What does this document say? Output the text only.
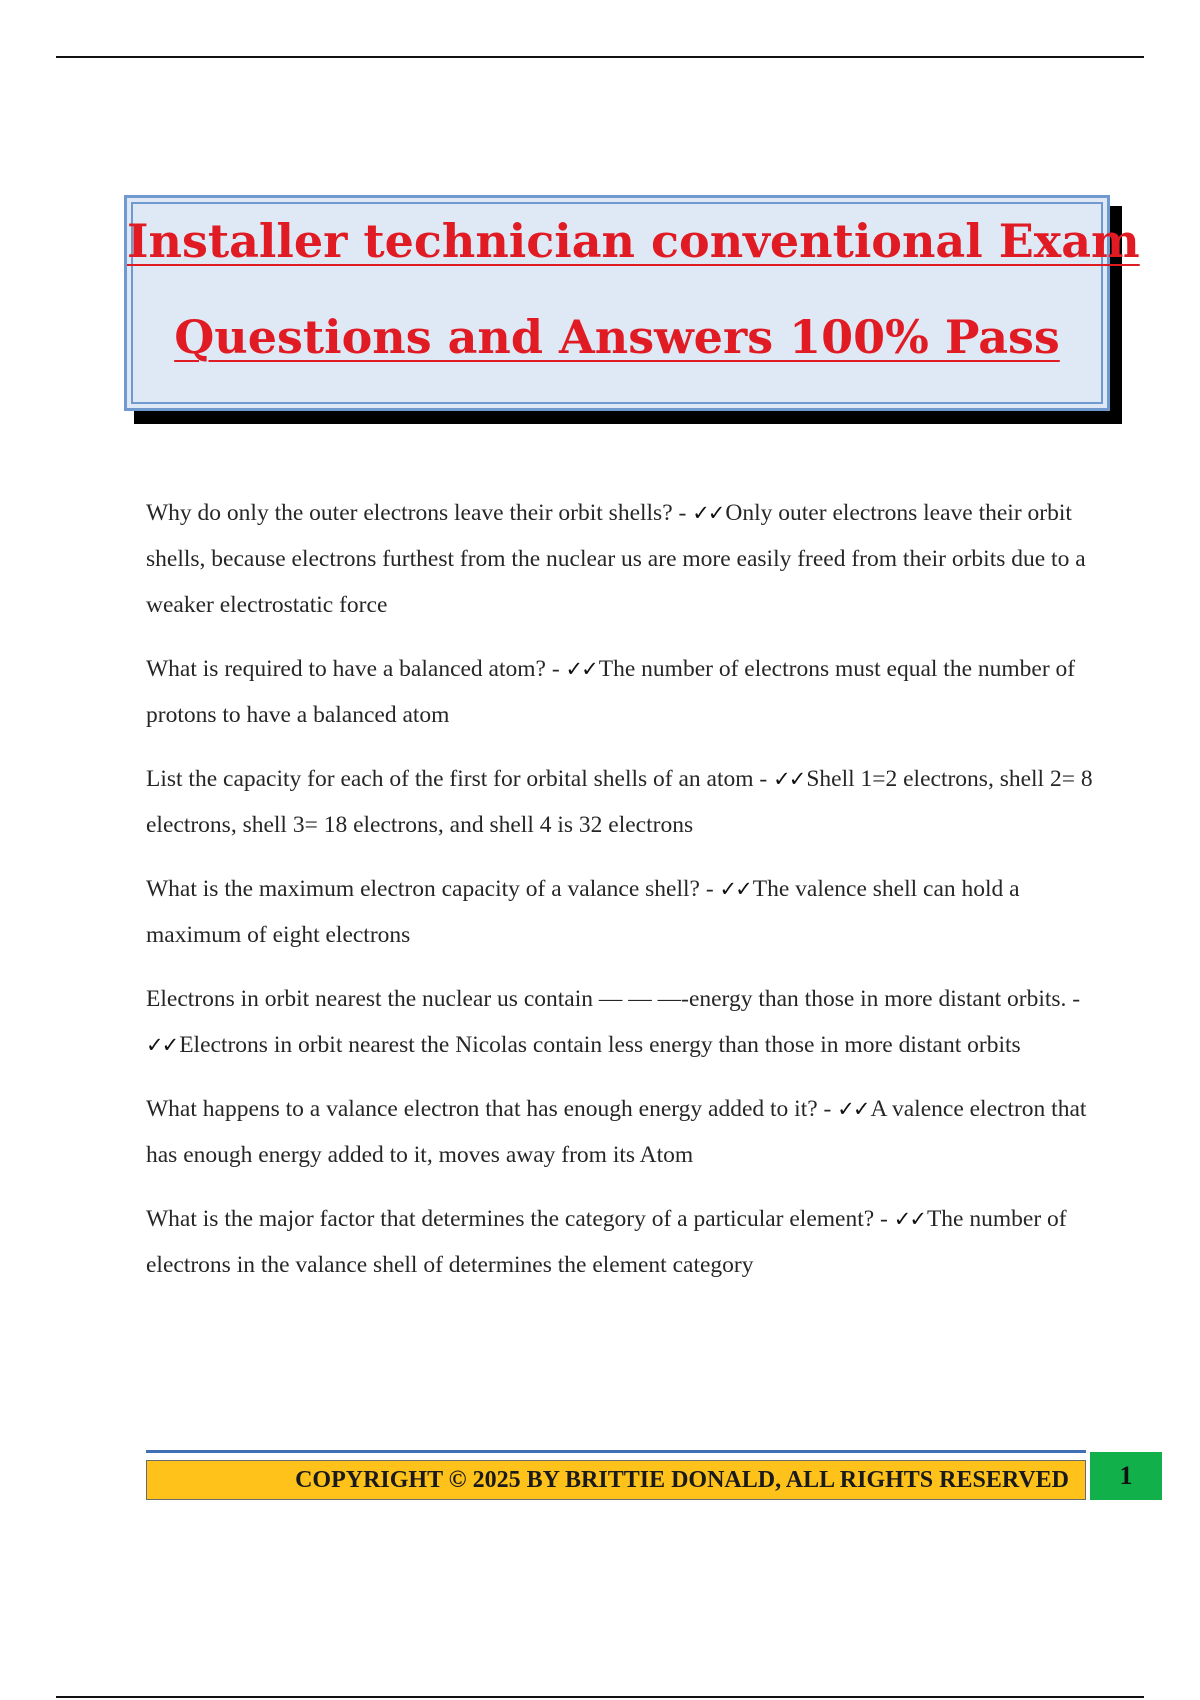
Installer technician conventional Exam
Questions and Answers 100% Pass

Why do only the outer electrons leave their orbit shells? - ✓✓Only outer electrons leave their orbit shells, because electrons furthest from the nuclear us are more easily freed from their orbits due to a weaker electrostatic force

What is required to have a balanced atom? - ✓✓The number of electrons must equal the number of protons to have a balanced atom

List the capacity for each of the first for orbital shells of an atom - ✓✓Shell 1=2 electrons, shell 2= 8 electrons, shell 3= 18 electrons, and shell 4 is 32 electrons

What is the maximum electron capacity of a valance shell? - ✓✓The valence shell can hold a maximum of eight electrons

Electrons in orbit nearest the nuclear us contain — — —-energy than those in more distant orbits. - ✓✓Electrons in orbit nearest the Nicolas contain less energy than those in more distant orbits

What happens to a valance electron that has enough energy added to it? - ✓✓A valence electron that has enough energy added to it, moves away from its Atom

What is the major factor that determines the category of a particular element? - ✓✓The number of electrons in the valance shell of determines the element category

COPYRIGHT © 2025 BY BRITTIE DONALD, ALL RIGHTS RESERVED	1
